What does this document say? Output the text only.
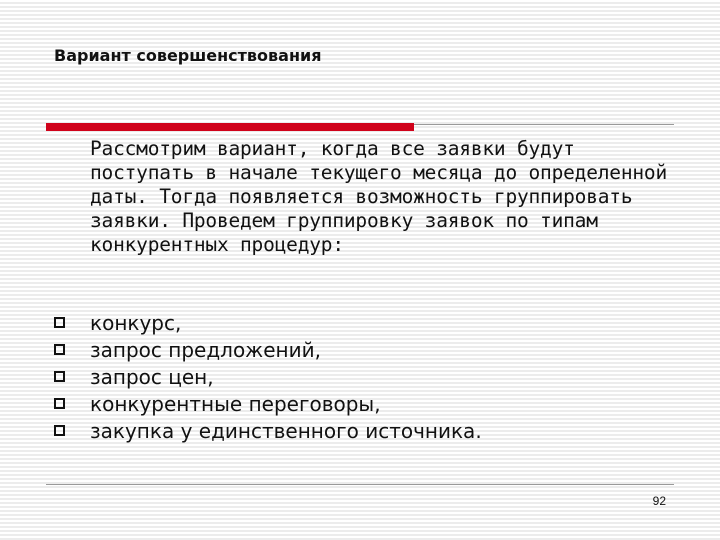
Вариант совершенствования
Рассмотрим вариант, когда все заявки будут поступать в начале текущего месяца до определенной даты. Тогда появляется возможность группировать заявки. Проведем группировку заявок по типам конкурентных процедур:
конкурс,
запрос предложений,
запрос цен,
конкурентные переговоры,
закупка у единственного источника.
92
